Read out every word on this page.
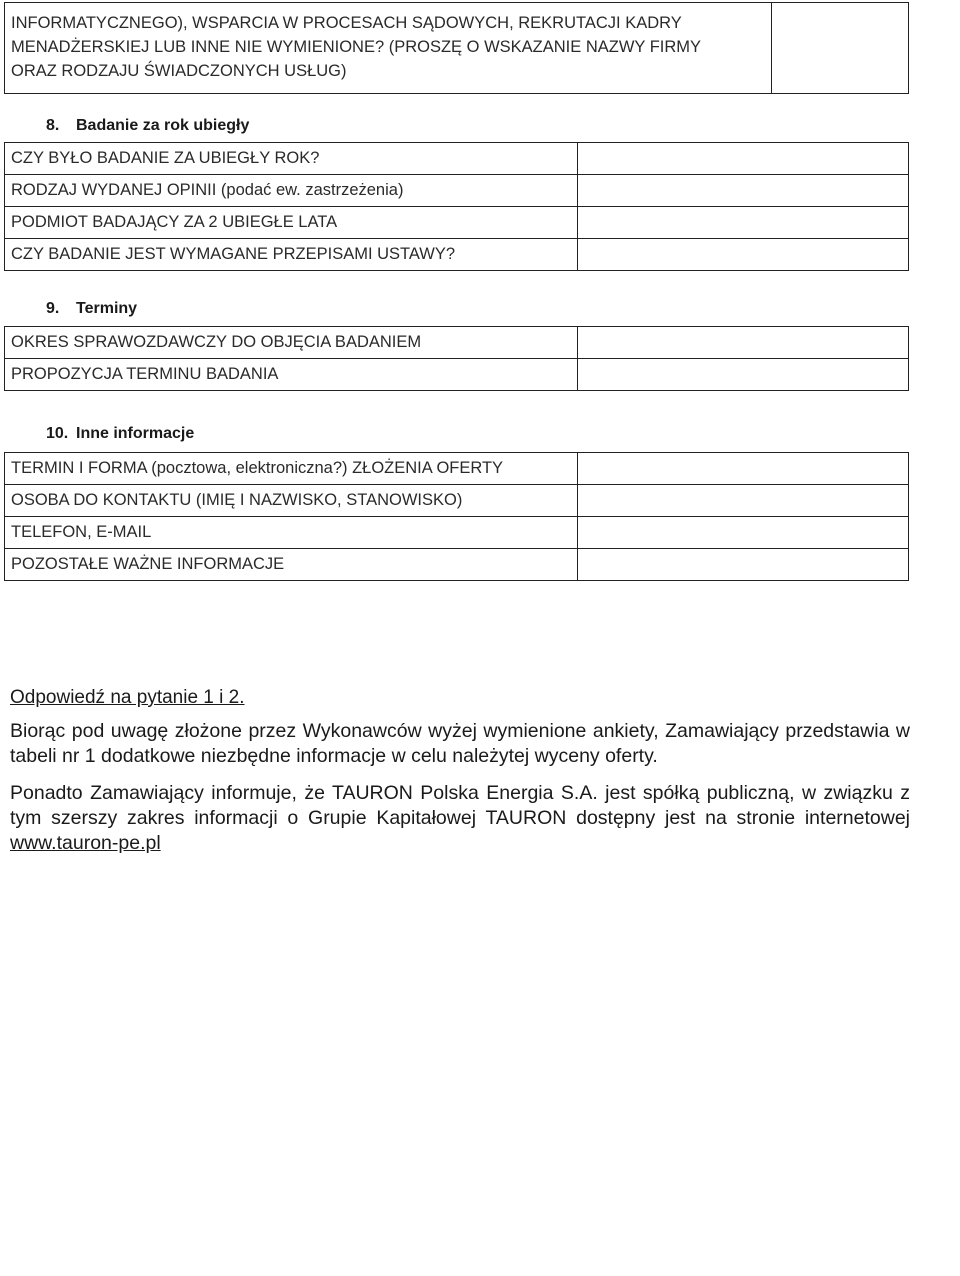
INFORMATYCZNEGO), WSPARCIA W PROCESACH SĄDOWYCH, REKRUTACJI KADRY
MENADŻERSKIEJ LUB INNE NIE WYMIENIONE? (PROSZĘ O WSKAZANIE NAZWY FIRMY
ORAZ RODZAJU ŚWIADCZONYCH USŁUG)

8. Badanie za rok ubiegły
CZY BYŁO BADANIE ZA UBIEGŁY ROK?	
RODZAJ WYDANEJ OPINII (podać ew. zastrzeżenia)	
PODMIOT BADAJĄCY ZA 2 UBIEGŁE LATA	
CZY BADANIE JEST WYMAGANE PRZEPISAMI USTAWY?	
9. Terminy
OKRES SPRAWOZDAWCZY DO OBJĘCIA BADANIEM	
PROPOZYCJA TERMINU BADANIA	
10. Inne informacje
TERMIN I FORMA (pocztowa, elektroniczna?) ZŁOŻENIA OFERTY	
OSOBA DO KONTAKTU (IMIĘ I NAZWISKO, STANOWISKO)	
TELEFON, E-MAIL	
POZOSTAŁE WAŻNE INFORMACJE	
Odpowiedź na pytanie 1 i 2.

Biorąc pod uwagę złożone przez Wykonawców wyżej wymienione ankiety, Zamawiający przedstawia w tabeli nr 1 dodatkowe niezbędne informacje w celu należytej wyceny oferty.

Ponadto Zamawiający informuje, że TAURON Polska Energia S.A. jest spółką publiczną, w związku z tym szerszy zakres informacji o Grupie Kapitałowej TAURON dostępny jest na stronie internetowej www.tauron-pe.pl
